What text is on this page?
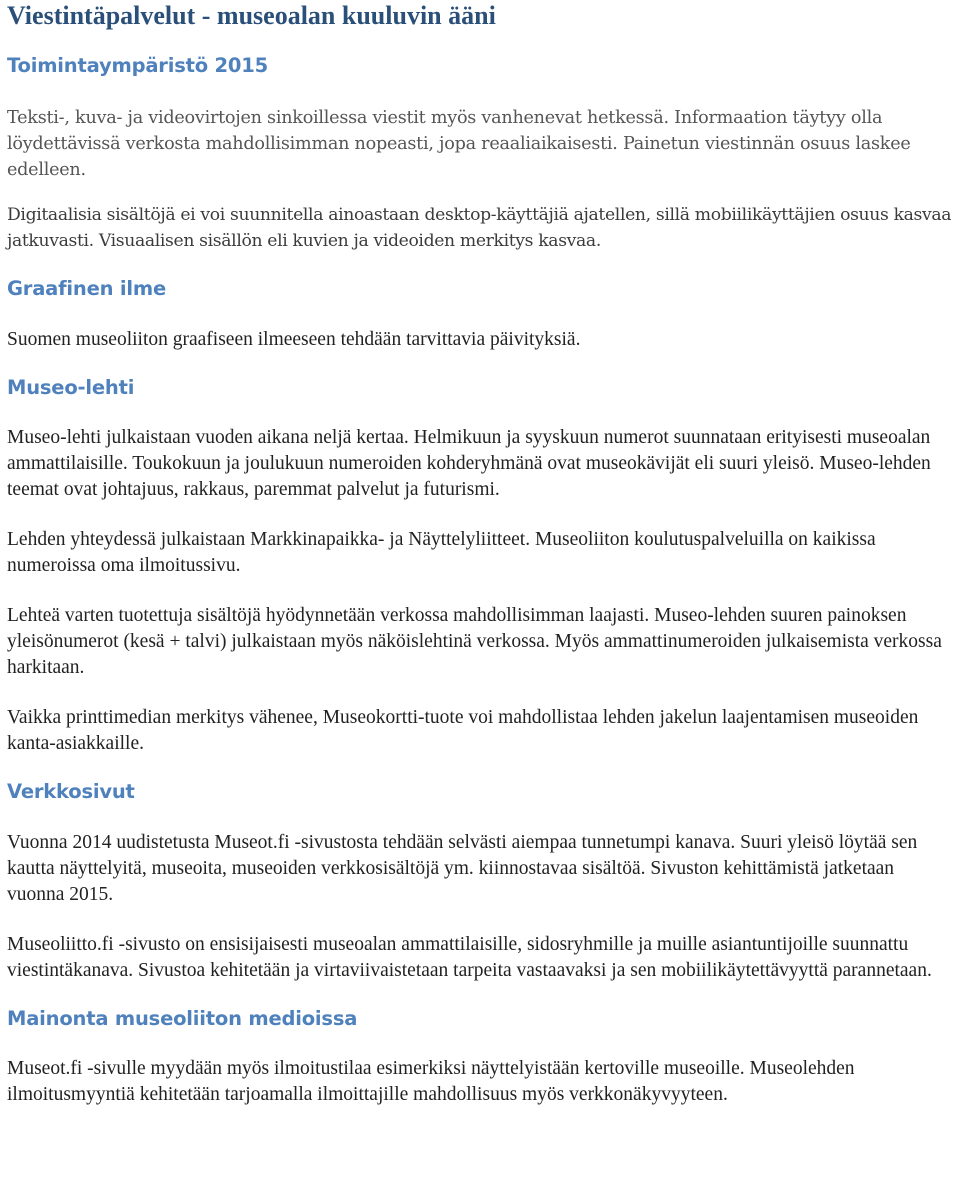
Viestintäpalvelut - museoalan kuuluvin ääni
Toimintaympäristö 2015

Teksti-, kuva- ja videovirtojen sinkoillessa viestit myös vanhenevat hetkessä. Informaation täytyy olla löydettävissä verkosta mahdollisimman nopeasti, jopa reaaliaikaisesti. Painetun viestinnän osuus laskee edelleen.

Digitaalisia sisältöjä ei voi suunnitella ainoastaan desktop-käyttäjiä ajatellen, sillä mobiilikäyttäjien osuus kasvaa jatkuvasti. Visuaalisen sisällön eli kuvien ja videoiden merkitys kasvaa.

Graafinen ilme

Suomen museoliiton graafiseen ilmeeseen tehdään tarvittavia päivityksiä.

Museo-lehti

Museo-lehti julkaistaan vuoden aikana neljä kertaa. Helmikuun ja syyskuun numerot suunnataan erityisesti museoalan ammattilaisille. Toukokuun ja joulukuun numeroiden kohderyhmänä ovat museokävijät eli suuri yleisö. Museo-lehden teemat ovat johtajuus, rakkaus, paremmat palvelut ja futurismi.

Lehden yhteydessä julkaistaan Markkinapaikka- ja Näyttelyliitteet. Museoliiton koulutuspalveluilla on kaikissa numeroissa oma ilmoitussivu.

Lehteä varten tuotettuja sisältöjä hyödynnetään verkossa mahdollisimman laajasti. Museo-lehden suuren painoksen yleisönumerot (kesä + talvi) julkaistaan myös näköislehtinä verkossa. Myös ammattinumeroiden julkaisemista verkossa harkitaan.

Vaikka printtimedian merkitys vähenee, Museokortti-tuote voi mahdollistaa lehden jakelun laajentamisen museoiden kanta-asiakkaille.

Verkkosivut

Vuonna 2014 uudistetusta Museot.fi -sivustosta tehdään selvästi aiempaa tunnetumpi kanava. Suuri yleisö löytää sen kautta näyttelyitä, museoita, museoiden verkkosisältöjä ym. kiinnostavaa sisältöä. Sivuston kehittämistä jatketaan vuonna 2015.

Museoliitto.fi -sivusto on ensisijaisesti museoalan ammattilaisille, sidosryhmille ja muille asiantuntijoille suunnattu viestintäkanava. Sivustoa kehitetään ja virtaviivaistetaan tarpeita vastaavaksi ja sen mobiilikäytettävyyttä parannetaan.

Mainonta museoliiton medioissa

Museot.fi -sivulle myydään myös ilmoitustilaa esimerkiksi näyttelyistään kertoville museoille. Museolehden ilmoitusmyyntiä kehitetään tarjoamalla ilmoittajille mahdollisuus myös verkkonäkyvyyteen.
